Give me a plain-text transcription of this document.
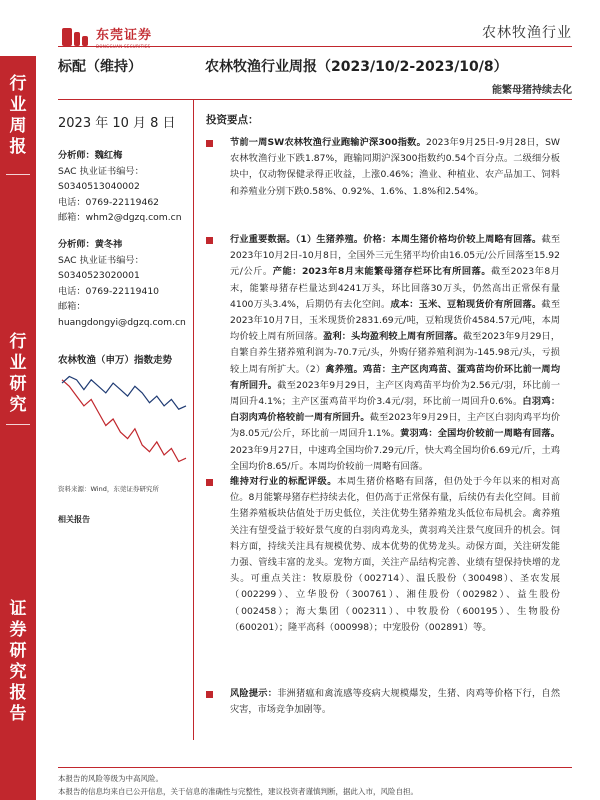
东莞证券
DONGGUAN SECURITIES
农林牧渔行业
行
业
周
报
行
业
研
究
证
券
研
究
报
告
标配（维持）	农林牧渔行业周报（2023/10/2-2023/10/8）
能繁母猪持续去化
2023 年 10 月 8 日
分析师：魏红梅
SAC 执业证书编号：
S0340513040002
电话：0769-22119462
邮箱：whm2@dgzq.com.cn
分析师：黄冬祎
SAC 执业证书编号：
S0340523020001
电话：0769-22119410
邮箱：
huangdongyi@dgzq.com.cn
农林牧渔（申万）指数走势
资料来源：Wind，东莞证券研究所
相关报告
投资要点：

节前一周SW农林牧渔行业跑输沪深300指数。2023年9月25日-9月28日，SW农林牧渔行业下跌1.87%，跑输同期沪深300指数约0.54个百分点。二级细分板块中，仅动物保健录得正收益，上涨0.46%；渔业、种植业、农产品加工、饲料和养殖业分别下跌0.58%、0.92%、1.6%、1.8%和2.54%。

行业重要数据。（1）生猪养殖。价格：本周生猪价格均价较上周略有回落。截至2023年10月2日-10月8日，全国外三元生猪平均价由16.05元/公斤回落至15.92元/公斤。产能：2023年8月末能繁母猪存栏环比有所回落。截至2023年8月末，能繁母猪存栏量达到4241万头，环比回落30万头，仍然高出正常保有量4100万头3.4%，后期仍有去化空间。成本：玉米、豆粕现货价有所回落。截至2023年10月7日，玉米现货价2831.69元/吨，豆粕现货价4584.57元/吨，本周均价较上周有所回落。盈利：头均盈利较上周有所回落。截至2023年9月29日，自繁自养生猪养殖利润为-70.7元/头，外购仔猪养殖利润为-145.98元/头，亏损较上周有所扩大。（2）禽养殖。鸡苗：主产区肉鸡苗、蛋鸡苗均价环比前一周均有所回升。截至2023年9月29日，主产区肉鸡苗平均价为2.56元/羽，环比前一周回升4.1%；主产区蛋鸡苗平均价3.4元/羽，环比前一周回升0.6%。白羽鸡：白羽肉鸡价格较前一周有所回升。截至2023年9月29日，主产区白羽肉鸡平均价为8.05元/公斤，环比前一周回升1.1%。黄羽鸡：全国均价较前一周略有回落。2023年9月27日，中速鸡全国均价7.29元/斤，快大鸡全国均价6.69元/斤，土鸡全国均价8.65/斤。本周均价较前一周略有回落。

维持对行业的标配评级。本周生猪价格略有回落，但仍处于今年以来的相对高位。8月能繁母猪存栏持续去化，但仍高于正常保有量，后续仍有去化空间。目前生猪养殖板块估值处于历史低位，关注优势生猪养殖龙头低位布局机会。禽养殖关注有望受益于较好景气度的白羽肉鸡龙头，黄羽鸡关注景气度回升的机会。饲料方面，持续关注具有规模优势、成本优势的优势龙头。动保方面，关注研发能力强、管线丰富的龙头。宠物方面，关注产品结构完善、业绩有望保持快增的龙头。可重点关注：牧原股份（002714）、温氏股份（300498）、圣农发展（002299）、立华股份（300761）、湘佳股份（002982）、益生股份（002458）；海大集团（002311）、中牧股份（600195）、生物股份（600201）；隆平高科（000998）；中宠股份（002891）等。

风险提示：非洲猪瘟和禽流感等疫病大规模爆发，生猪、肉鸡等价格下行，自然灾害，市场竞争加剧等。

本报告的风险等级为中高风险。
本报告的信息均来自已公开信息，关于信息的准确性与完整性，建议投资者谨慎判断，据此入市，风险自担。
